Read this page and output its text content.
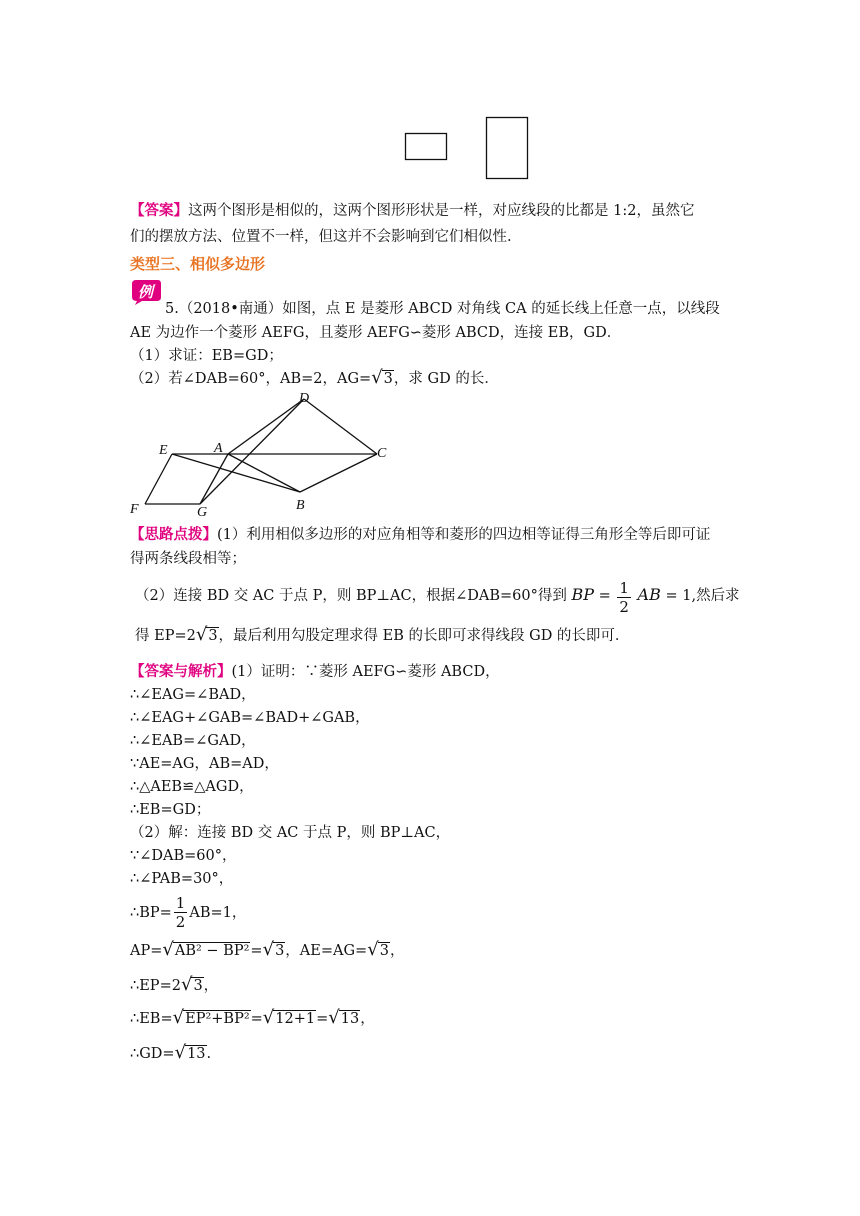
【答案】这两个图形是相似的，这两个图形形状是一样，对应线段的比都是 1:2，虽然它
们的摆放方法、位置不一样，但这并不会影响到它们相似性.
类型三、相似多边形
例
5.（2018•南通）如图，点 E 是菱形 ABCD 对角线 CA 的延长线上任意一点，以线段
AE 为边作一个菱形 AEFG，且菱形 AEFG∽菱形 ABCD，连接 EB，GD．
（1）求证：EB=GD；
（2）若∠DAB=60°，AB=2，AG=√3，求 GD 的长．
D
E	A	C
B
F	G
【思路点拨】(1）利用相似多边形的对应角相等和菱形的四边相等证得三角形全等后即可证
得两条线段相等；
（2）连接 BD 交 AC 于点 P，则 BP⊥AC，根据∠DAB=60°得到 BP = $\frac{1}{2}$ AB = 1,然后求
得 EP=2√3，最后利用勾股定理求得 EB 的长即可求得线段 GD 的长即可．
【答案与解析】(1）证明：∵菱形 AEFG∽菱形 ABCD，
∴∠EAG=∠BAD，
∴∠EAG+∠GAB=∠BAD+∠GAB，
∴∠EAB=∠GAD，
∵AE=AG，AB=AD，
∴△AEB≌△AGD，
∴EB=GD；
（2）解：连接 BD 交 AC 于点 P，则 BP⊥AC，
∵∠DAB=60°，
∴∠PAB=30°，
∴BP= $\frac{1}{2} AB=1$，
AP=√AB² − BP²=√3，AE=AG=√3，
∴EP=2√3，
∴EB=√EP²+BP²=√12+1=√13，
∴GD=√13.
